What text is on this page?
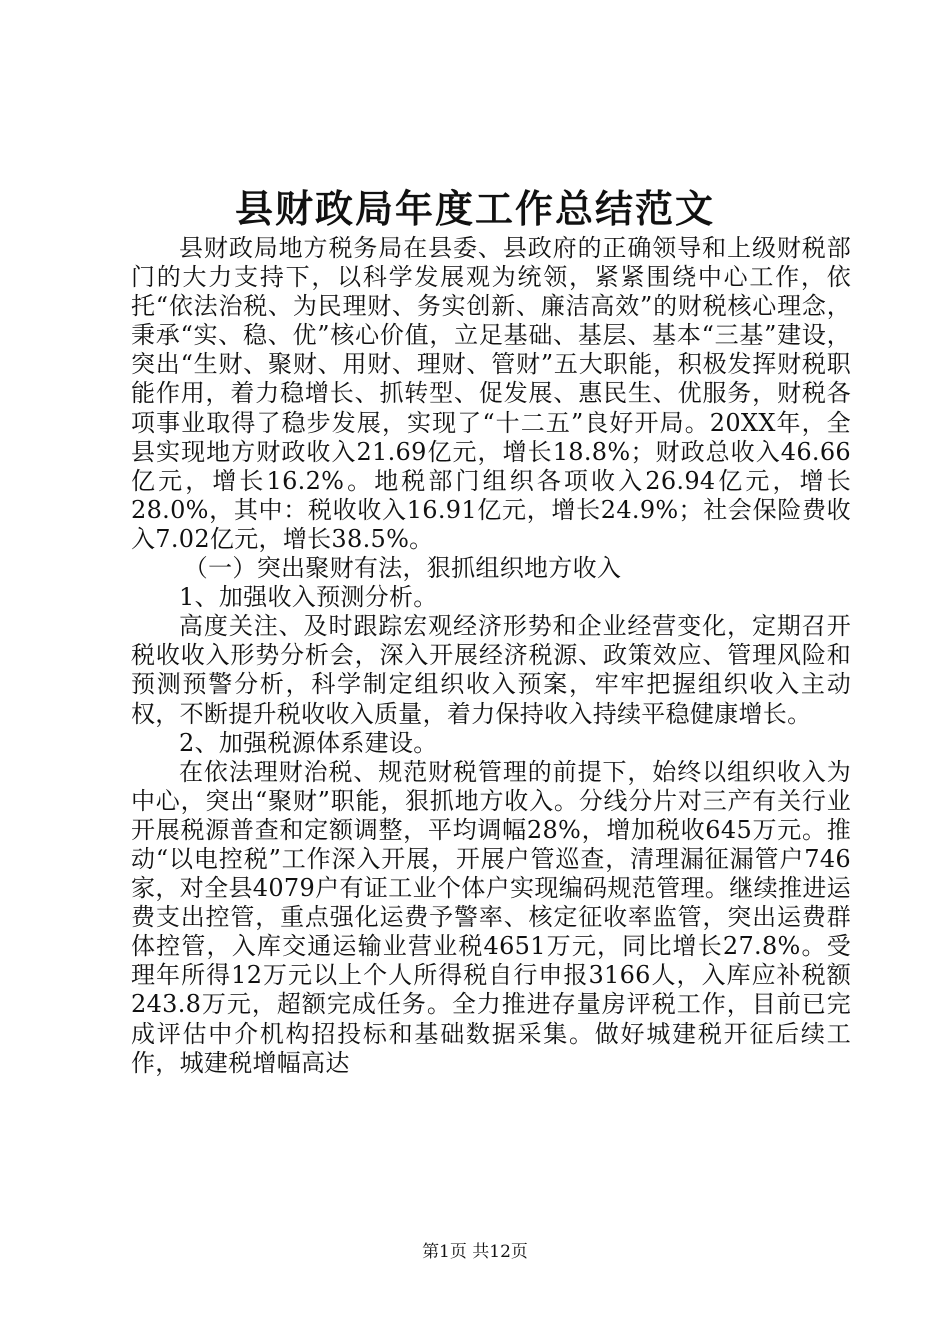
县财政局年度工作总结范文

县财政局地方税务局在县委、县政府的正确领导和上级财税部门的大力支持下，以科学发展观为统领，紧紧围绕中心工作，依托“依法治税、为民理财、务实创新、廉洁高效”的财税核心理念，秉承“实、稳、优”核心价值，立足基础、基层、基本“三基”建设，突出“生财、聚财、用财、理财、管财”五大职能，积极发挥财税职能作用，着力稳增长、抓转型、促发展、惠民生、优服务，财税各项事业取得了稳步发展，实现了“十二五”良好开局。20XX年，全县实现地方财政收入21.69亿元，增长18.8%；财政总收入46.66亿元，增长16.2%。地税部门组织各项收入26.94亿元，增长28.0%，其中：税收收入16.91亿元，增长24.9%；社会保险费收入7.02亿元，增长38.5%。

（一）突出聚财有法，狠抓组织地方收入

1、加强收入预测分析。

高度关注、及时跟踪宏观经济形势和企业经营变化，定期召开税收收入形势分析会，深入开展经济税源、政策效应、管理风险和预测预警分析，科学制定组织收入预案，牢牢把握组织收入主动权，不断提升税收收入质量，着力保持收入持续平稳健康增长。

2、加强税源体系建设。

在依法理财治税、规范财税管理的前提下，始终以组织收入为中心，突出“聚财”职能，狠抓地方收入。分线分片对三产有关行业开展税源普查和定额调整，平均调幅28%，增加税收645万元。推动“以电控税”工作深入开展，开展户管巡查，清理漏征漏管户746家，对全县4079户有证工业个体户实现编码规范管理。继续推进运费支出控管，重点强化运费予警率、核定征收率监管，突出运费群体控管，入库交通运输业营业税4651万元，同比增长27.8%。受理年所得12万元以上个人所得税自行申报3166人，入库应补税额243.8万元，超额完成任务。全力推进存量房评税工作，目前已完成评估中介机构招投标和基础数据采集。做好城建税开征后续工作，城建税增幅高达

第1页 共12页
